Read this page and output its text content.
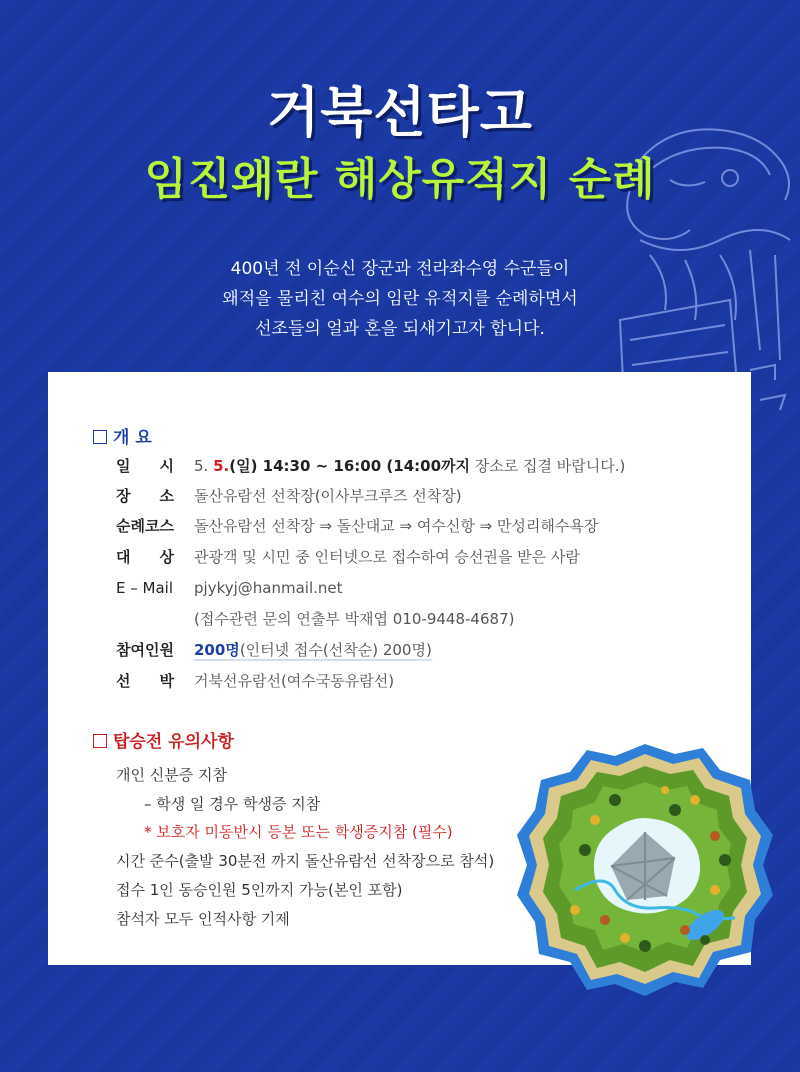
거북선타고
임진왜란 해상유적지 순례
400년 전 이순신 장군과 전라좌수영 수군들이
왜적을 물리친 여수의 임란 유적지를 순례하면서
선조들의 얼과 혼을 되새기고자 합니다.
개 요
일 시 5. 5.(일) 14:30 ~ 16:00 (14:00까지 장소로 집결 바랍니다.)
장 소 돌산유람선 선착장(이사부크루즈 선착장)
순례코스 돌산유람선 선착장 ⇒ 돌산대교 ⇒ 여수신항 ⇒ 만성리해수욕장
대 상 관광객 및 시민 중 인터넷으로 접수하여 승선권을 받은 사람
E – Mail pjykyj@hanmail.net
(접수관련 문의 연출부 박재엽 010-9448-4687)
참여인원 200명(인터넷 접수(선착순) 200명)
선 박 거북선유람선(여수국동유람선)
탑승전 유의사항
개인 신분증 지참
– 학생 일 경우 학생증 지참
* 보호자 미동반시 등본 또는 학생증지참 (필수)
시간 준수(출발 30분전 까지 돌산유람선 선착장으로 참석)
접수 1인 동승인원 5인까지 가능(본인 포함)
참석자 모두 인적사항 기제
